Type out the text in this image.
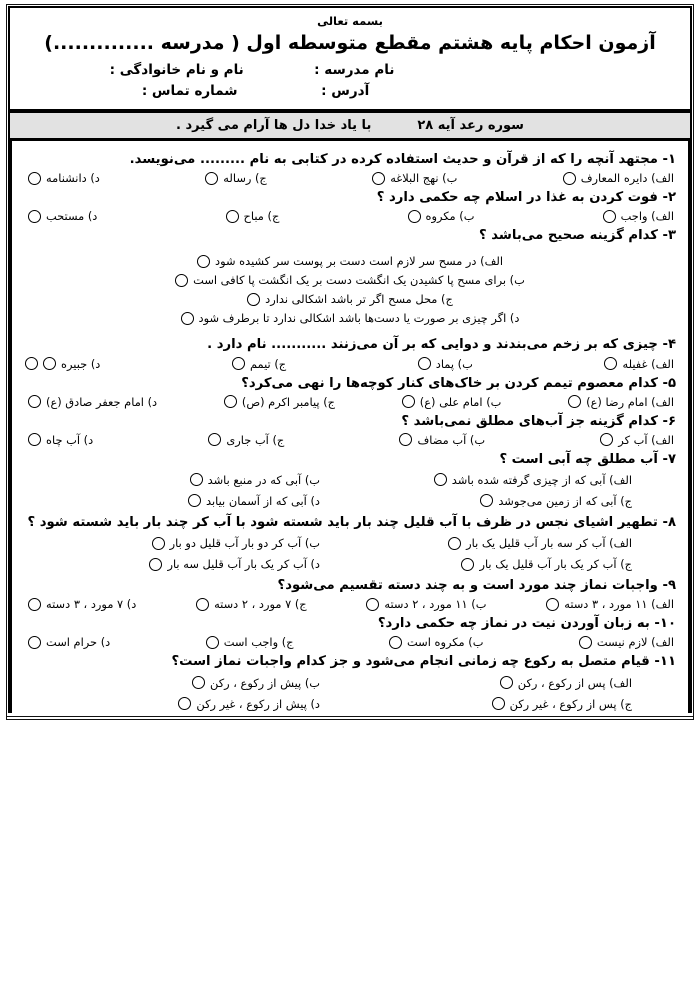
بسمه تعالی
آزمون احکام پایه هشتم مقطع متوسطه اول ( مدرسه ..............)
نام مدرسه :
نام و نام خانوادگی :
آدرس :
شماره تماس :
سوره رعد آیه ۲۸
با یاد خدا دل ها آرام می گیرد .
۱- مجتهد آنچه را که از قرآن و حدیث استفاده کرده در کتابی به نام ......... می‌نویسد.
الف) دایره المعارف
ب) نهج البلاغه
ج) رساله
د) دانشنامه
۲- فوت کردن به غذا در اسلام چه حکمی دارد ؟
الف) واجب
ب) مکروه
ج) مباح
د) مستحب
۳- کدام گزینه صحیح می‌باشد ؟
الف) در مسح سر لازم است دست بر پوست سر کشیده شود
ب) برای مسح پا کشیدن یک انگشت دست بر یک انگشت پا کافی است
ج) محل مسح اگر تر باشد اشکالی ندارد
د) اگر چیزی بر صورت یا دست‌ها باشد اشکالی ندارد تا برطرف شود
۴- چیزی که بر زخم می‌بندند و دوایی که بر آن می‌زنند ........... نام دارد .
الف) غفیله
ب) پماد
ج) تیمم
د) جبیره
۵- کدام معصوم تیمم کردن بر خاک‌های کنار کوچه‌ها را نهی می‌کرد؟
الف) امام رضا (ع)
ب) امام علی (ع)
ج) پیامبر اکرم (ص)
د) امام جعفر صادق (ع)
۶- کدام گزینه جز آب‌های مطلق نمی‌باشد ؟
الف) آب کر
ب) آب مضاف
ج) آب جاری
د) آب چاه
۷- آب مطلق چه آبی است ؟
الف) آبی که از چیزی گرفته شده باشد
ب) آبی که در منبع باشد
ج) آبی که از زمین می‌جوشد
د) آبی که از آسمان بیابد
۸- تطهیر اشیای نجس در ظرف با آب قلیل چند بار باید شسته شود با آب کر چند بار باید شسته شود ؟
الف) آب کر سه بار آب قلیل یک بار
ب) آب کر دو بار آب قلیل دو بار
ج) آب کر یک بار آب قلیل یک بار
د) آب کر یک بار آب قلیل سه بار
۹- واجبات نماز چند مورد است و به چند دسته تقسیم می‌شود؟
الف) ۱۱ مورد ، ۳ دسته
ب) ۱۱ مورد ، ۲ دسته
ج) ۷ مورد ، ۲ دسته
د) ۷ مورد ، ۳ دسته
۱۰- به زبان آوردن نیت در نماز چه حکمی دارد؟
الف) لازم نیست
ب) مکروه است
ج) واجب است
د) حرام است
۱۱- قیام متصل به رکوع چه زمانی انجام می‌شود و جز کدام واجبات نماز است؟
الف) پس از رکوع ، رکن
ب) پیش از رکوع ، رکن
ج) پس از رکوع ، غیر رکن
د) پیش از رکوع ، غیر رکن
